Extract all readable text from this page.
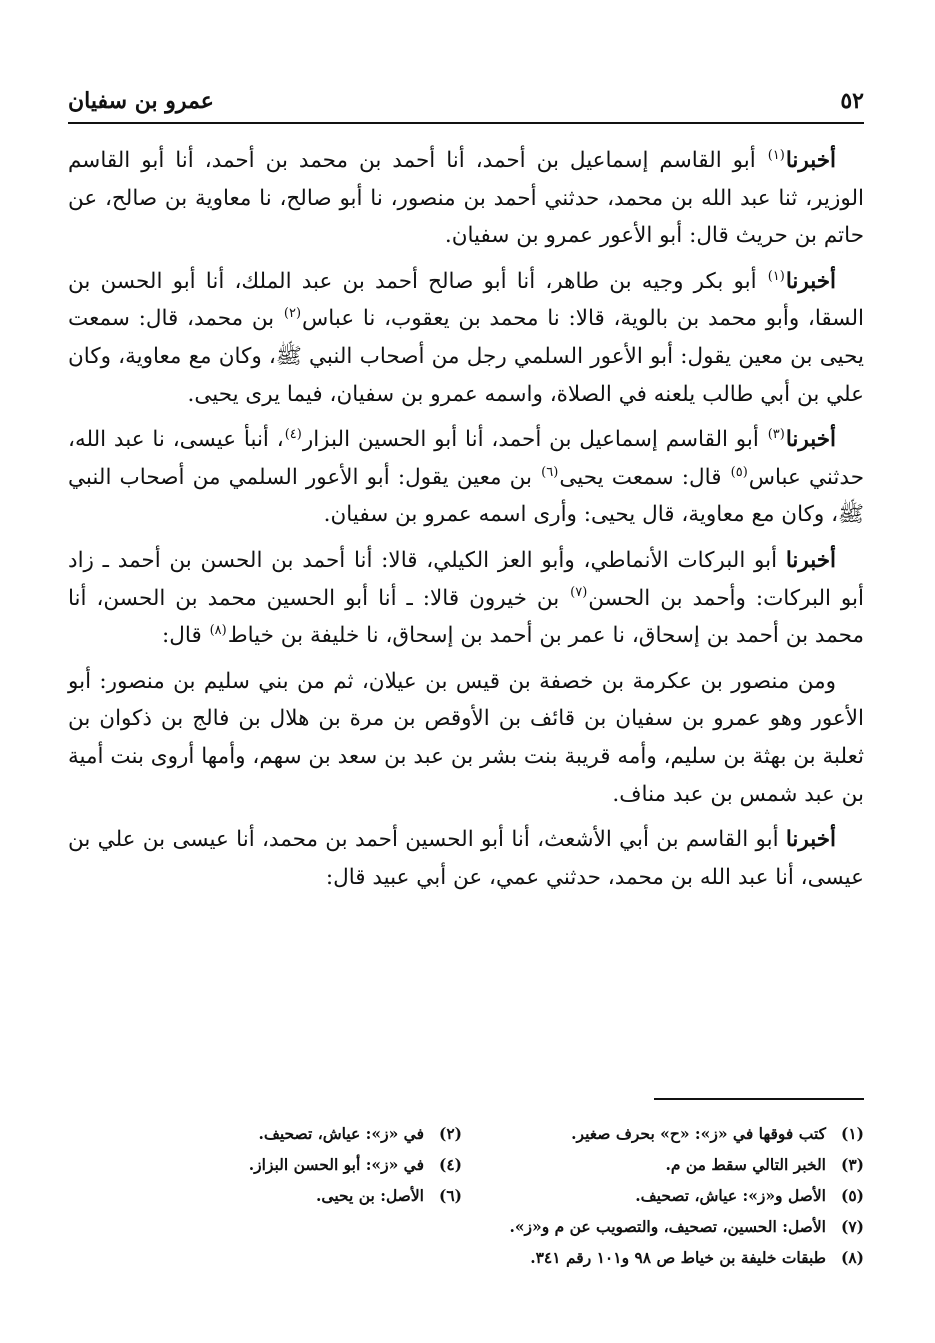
٥٢
عمرو بن سفيان

أخبرنا$^{(١)}$ أبو القاسم إسماعيل بن أحمد، أنا أحمد بن محمد بن أحمد، أنا أبو القاسم الوزير، ثنا عبد الله بن محمد، حدثني أحمد بن منصور، نا أبو صالح، نا معاوية بن صالح، عن حاتم بن حريث قال: أبو الأعور عمرو بن سفيان.

أخبرنا$^{(١)}$ أبو بكر وجيه بن طاهر، أنا أبو صالح أحمد بن عبد الملك، أنا أبو الحسن بن السقا، وأبو محمد بن بالوية، قالا: نا محمد بن يعقوب، نا عباس$^{(٢)}$ بن محمد، قال: سمعت يحيى بن معين يقول: أبو الأعور السلمي رجل من أصحاب النبي ﷺ، وكان مع معاوية، وكان علي بن أبي طالب يلعنه في الصلاة، واسمه عمرو بن سفيان، فيما يرى يحيى.

أخبرنا$^{(٣)}$ أبو القاسم إسماعيل بن أحمد، أنا أبو الحسين البزار$^{(٤)}$، أنبأ عيسى، نا عبد الله، حدثني عباس$^{(٥)}$ قال: سمعت يحيى$^{(٦)}$ بن معين يقول: أبو الأعور السلمي من أصحاب النبي ﷺ، وكان مع معاوية، قال يحيى: وأرى اسمه عمرو بن سفيان.

أخبرنا أبو البركات الأنماطي، وأبو العز الكيلي، قالا: أنا أحمد بن الحسن بن أحمد ـ زاد أبو البركات: وأحمد بن الحسن$^{(٧)}$ بن خيرون قالا: ـ أنا أبو الحسين محمد بن الحسن، أنا محمد بن أحمد بن إسحاق، نا عمر بن أحمد بن إسحاق، نا خليفة بن خياط$^{(٨)}$ قال:

ومن منصور بن عكرمة بن خصفة بن قيس بن عيلان، ثم من بني سليم بن منصور: أبو الأعور وهو عمرو بن سفيان بن قائف بن الأوقص بن مرة بن هلال بن فالج بن ذكوان بن ثعلبة بن بهثة بن سليم، وأمه قريبة بنت بشر بن عبد بن سعد بن سهم، وأمها أروى بنت أمية بن عبد شمس بن عبد مناف.

أخبرنا أبو القاسم بن أبي الأشعث، أنا أبو الحسين أحمد بن محمد، أنا عيسى بن علي بن عيسى، أنا عبد الله بن محمد، حدثني عمي، عن أبي عبيد قال:

(١)كتب فوقها في «ز»: «ح» بحرف صغير.
(٢)في «ز»: عياش، تصحيف.
(٣)الخبر التالي سقط من م.
(٤)في «ز»: أبو الحسن البزاز.
(٥)الأصل و«ز»: عياش، تصحيف.
(٦)الأصل: بن يحيى.
(٧)الأصل: الحسين، تصحيف، والتصويب عن م و«ز».
(٨)طبقات خليفة بن خياط ص ٩٨ و١٠١ رقم ٣٤١.
